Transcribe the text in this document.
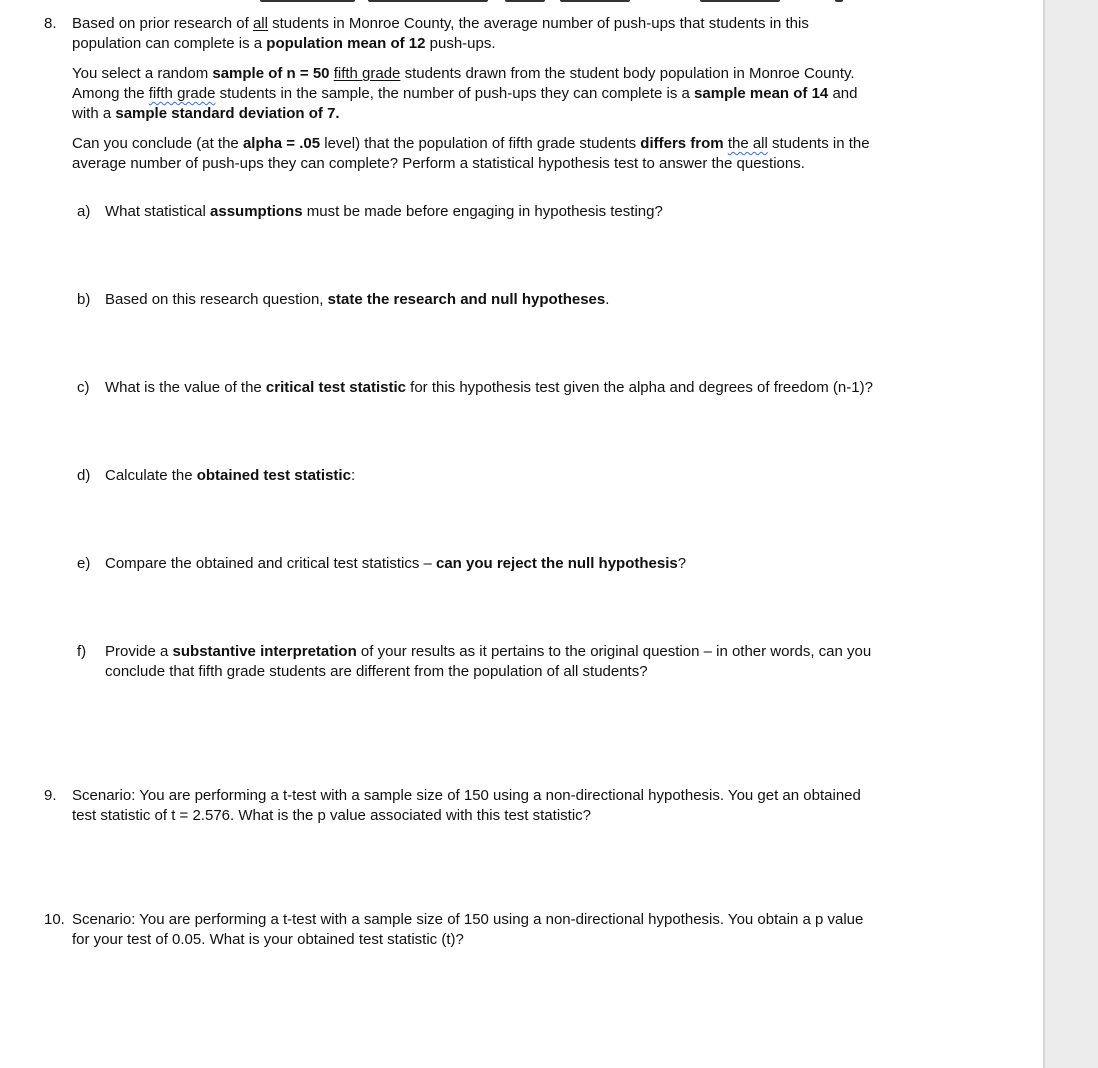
8. Based on prior research of all students in Monroe County, the average number of push-ups that students in this
population can complete is a population mean of 12 push-ups.
You select a random sample of n = 50 fifth grade students drawn from the student body population in Monroe County.
Among the fifth grade students in the sample, the number of push-ups they can complete is a sample mean of 14 and
with a sample standard deviation of 7.
Can you conclude (at the alpha = .05 level) that the population of fifth grade students differs from the all students in the
average number of push-ups they can complete? Perform a statistical hypothesis test to answer the questions.
a) What statistical assumptions must be made before engaging in hypothesis testing?
b) Based on this research question, state the research and null hypotheses.
c) What is the value of the critical test statistic for this hypothesis test given the alpha and degrees of freedom (n-1)?
d) Calculate the obtained test statistic:
e) Compare the obtained and critical test statistics – can you reject the null hypothesis?
f) Provide a substantive interpretation of your results as it pertains to the original question – in other words, can you
conclude that fifth grade students are different from the population of all students?
9. Scenario: You are performing a t-test with a sample size of 150 using a non-directional hypothesis. You get an obtained
test statistic of t = 2.576. What is the p value associated with this test statistic?
10. Scenario: You are performing a t-test with a sample size of 150 using a non-directional hypothesis. You obtain a p value
for your test of 0.05. What is your obtained test statistic (t)?
